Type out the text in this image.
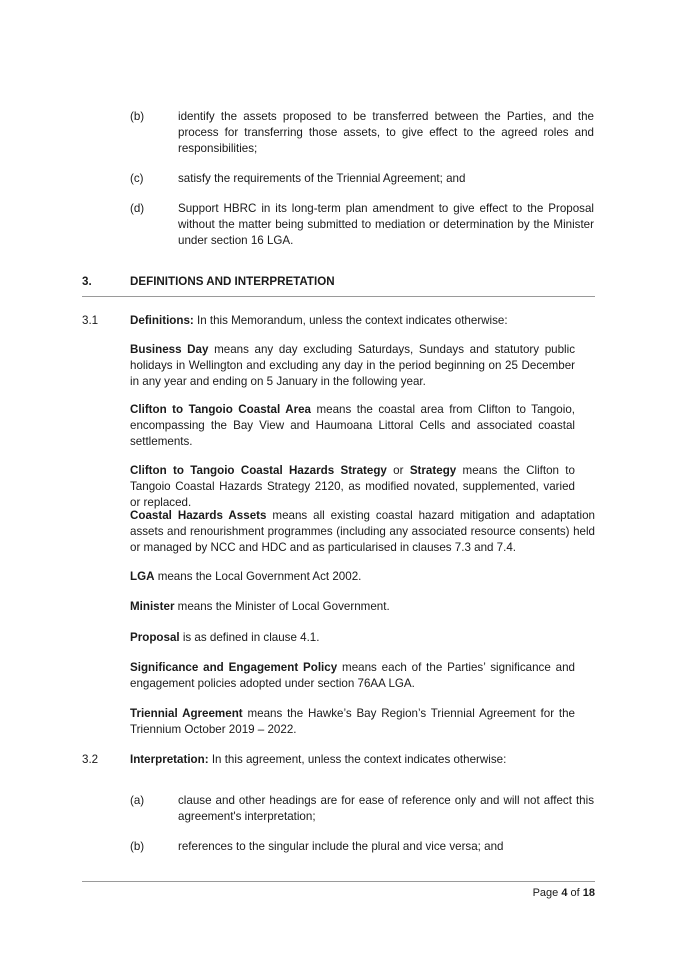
(b)	identify the assets proposed to be transferred between the Parties, and the process for transferring those assets, to give effect to the agreed roles and responsibilities;
(c)	satisfy the requirements of the Triennial Agreement; and
(d)	Support HBRC in its long-term plan amendment to give effect to the Proposal without the matter being submitted to mediation or determination by the Minister under section 16 LGA.
3.	DEFINITIONS AND INTERPRETATION
3.1	Definitions: In this Memorandum, unless the context indicates otherwise:
Business Day means any day excluding Saturdays, Sundays and statutory public holidays in Wellington and excluding any day in the period beginning on 25 December in any year and ending on 5 January in the following year.
Clifton to Tangoio Coastal Area means the coastal area from Clifton to Tangoio, encompassing the Bay View and Haumoana Littoral Cells and associated coastal settlements.
Clifton to Tangoio Coastal Hazards Strategy or Strategy means the Clifton to Tangoio Coastal Hazards Strategy 2120, as modified novated, supplemented, varied or replaced.
Coastal Hazards Assets means all existing coastal hazard mitigation and adaptation assets and renourishment programmes (including any associated resource consents) held or managed by NCC and HDC and as particularised in clauses 7.3 and 7.4.
LGA means the Local Government Act 2002.
Minister means the Minister of Local Government.
Proposal is as defined in clause 4.1.
Significance and Engagement Policy means each of the Parties’ significance and engagement policies adopted under section 76AA LGA.
Triennial Agreement means the Hawke’s Bay Region’s Triennial Agreement for the Triennium October 2019 – 2022.
3.2	Interpretation: In this agreement, unless the context indicates otherwise:
(a)	clause and other headings are for ease of reference only and will not affect this agreement's interpretation;
(b)	references to the singular include the plural and vice versa; and
Page 4 of 18
